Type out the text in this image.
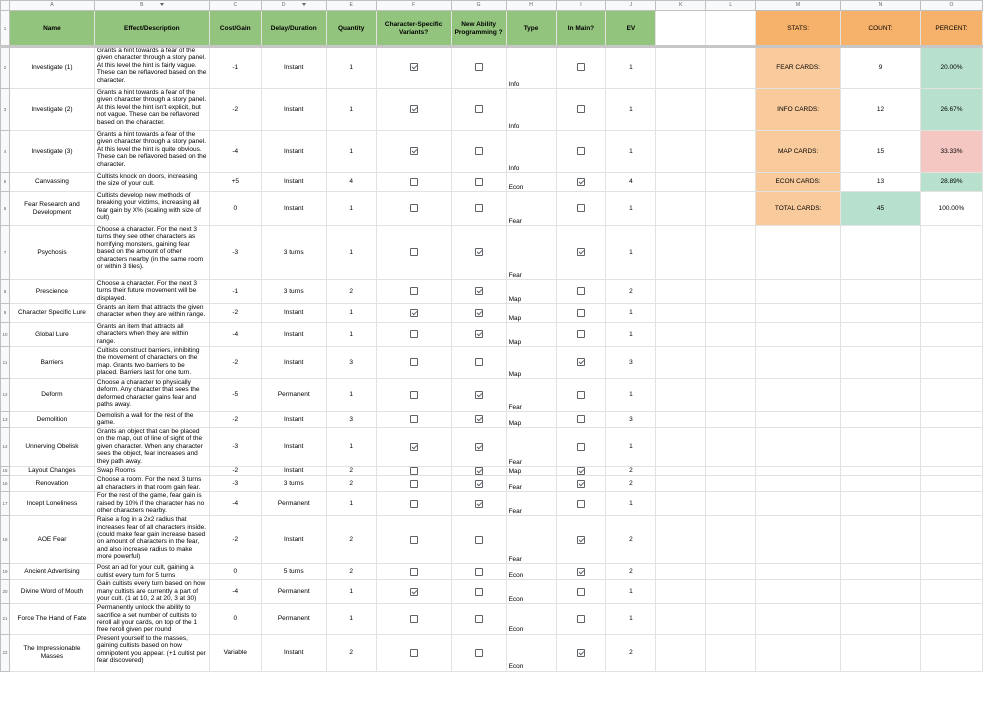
	A	B	C	D	E	F	G	H	I	J	K	L	M	N	O
1	Name	Effect/Description	Cost/Gain	Delay/Duration	Quantity	Character-Specific Variants?	New Ability Programming ?	Type	In Main?	EV			STATS:	COUNT:	PERCENT:
2	Investigate (1)	Grants a hint towards a fear of the given character through a story panel. At this level the hint is fairly vague. These can be reflavored based on the character.	-1	Instant	1			Info		1			FEAR CARDS:	9	20.00%
3	Investigate (2)	Grants a hint towards a fear of the given character through a story panel. At this level the hint isn't explicit, but not vague. These can be reflavored based on the character.	-2	Instant	1			Info		1			INFO CARDS:	12	26.67%
4	Investigate (3)	Grants a hint towards a fear of the given character through a story panel. At this level the hint is quite obvious. These can be reflavored based on the character.	-4	Instant	1			Info		1			MAP CARDS:	15	33.33%
5	Canvassing	Cultists knock on doors, increasing the size of your cult.	+5	Instant	4			Econ		4			ECON CARDS:	13	28.89%
6	Fear Research and Development	Cultists develop new methods of breaking your victims, increasing all fear gain by X% (scaling with size of cult)	0	Instant	1			Fear		1			TOTAL CARDS:	45	100.00%
7	Psychosis	Choose a character. For the next 3 turns they see other characters as horrifying monsters, gaining fear based on the amount of other characters nearby (in the same room or within 3 tiles).	-3	3 turns	1			Fear		1					
8	Prescience	Choose a character. For the next 3 turns their future movement will be displayed.	-1	3 turns	2			Map		2					
9	Character Specific Lure	Grants an item that attracts the given character when they are within range.	-2	Instant	1			Map		1					
10	Global Lure	Grants an item that attracts all characters when they are within range.	-4	Instant	1			Map		1					
11	Barriers	Cultists construct barriers, inhibiting the movement of characters on the map. Grants two barriers to be placed. Barriers last for one turn.	-2	Instant	3			Map		3					
12	Deform	Choose a character to physically deform. Any character that sees the deformed character gains fear and paths away.	-5	Permanent	1			Fear		1					
13	Demolition	Demolish a wall for the rest of the game.	-2	Instant	3			Map		3					
14	Unnerving Obelisk	Grants an object that can be placed on the map, out of line of sight of the given character. When any character sees the object, fear increases and they path away.	-3	Instant	1			Fear		1					
15	Layout Changes	Swap Rooms	-2	Instant	2			Map		2					
16	Renovation	Choose a room. For the next 3 turns all characters in that room gain fear.	-3	3 turns	2			Fear		2					
17	Incept Loneliness	For the rest of the game, fear gain is raised by 10% if the character has no other characters nearby.	-4	Permanent	1			Fear		1					
18	AOE Fear	Raise a fog in a 2x2 radius that increases fear of all characters inside. (could make fear gain increase based on amount of characters in the fear, and also increase radius to make more powerful)	-2	Instant	2			Fear		2					
19	Ancient Advertising	Post an ad for your cult, gaining a cultist every turn for 5 turns	0	5 turns	2			Econ		2					
20	Divine Word of Mouth	Gain cultists every turn based on how many cultists are currently a part of your cult. (1 at 10, 2 at 20, 3 at 30)	-4	Permanent	1			Econ		1					
21	Force The Hand of Fate	Permanently unlock the ability to sacrifice a set number of cultists to reroll all your cards, on top of the 1 free reroll given per round	0	Permanent	1			Econ		1					
22	The Impressionable Masses	Present yourself to the masses, gaining cultists based on how omnipotent you appear. (+1 cultist per fear discovered)	Variable	Instant	2			Econ		2					
